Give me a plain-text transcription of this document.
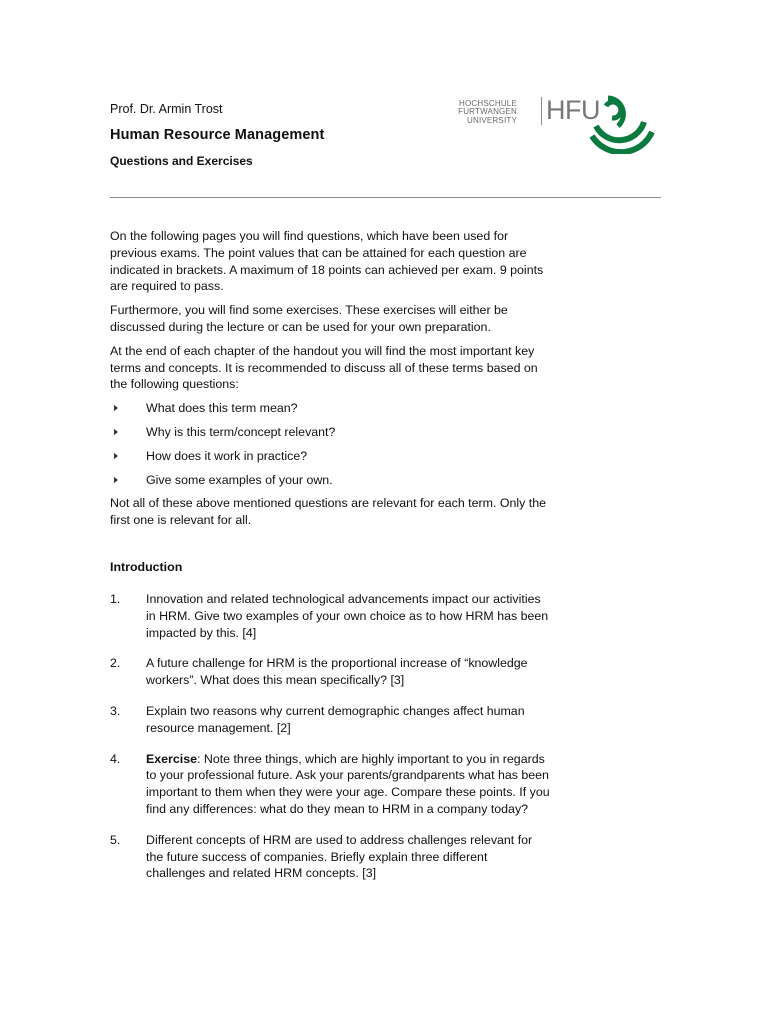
Prof. Dr. Armin Trost
Human Resource Management
Questions and Exercises
HOCHSCHULE
FURTWANGEN
UNIVERSITY HFU

On the following pages you will find questions, which have been used for previous exams. The point values that can be attained for each question are indicated in brackets. A maximum of 18 points can achieved per exam. 9 points are required to pass.

Furthermore, you will find some exercises. These exercises will either be discussed during the lecture or can be used for your own preparation.

At the end of each chapter of the handout you will find the most important key terms and concepts. It is recommended to discuss all of these terms based on the following questions:

What does this term mean?
Why is this term/concept relevant?
How does it work in practice?
Give some examples of your own.

Not all of these above mentioned questions are relevant for each term. Only the first one is relevant for all.

Introduction
1. Innovation and related technological advancements impact our activities in HRM. Give two examples of your own choice as to how HRM has been impacted by this. [4]
2. A future challenge for HRM is the proportional increase of “knowledge workers”. What does this mean specifically? [3]
3. Explain two reasons why current demographic changes affect human resource management. [2]
4. Exercise: Note three things, which are highly important to you in regards to your professional future. Ask your parents/grandparents what has been important to them when they were your age. Compare these points. If you find any differences: what do they mean to HRM in a company today?
5. Different concepts of HRM are used to address challenges relevant for the future success of companies. Briefly explain three different challenges and related HRM concepts. [3]
